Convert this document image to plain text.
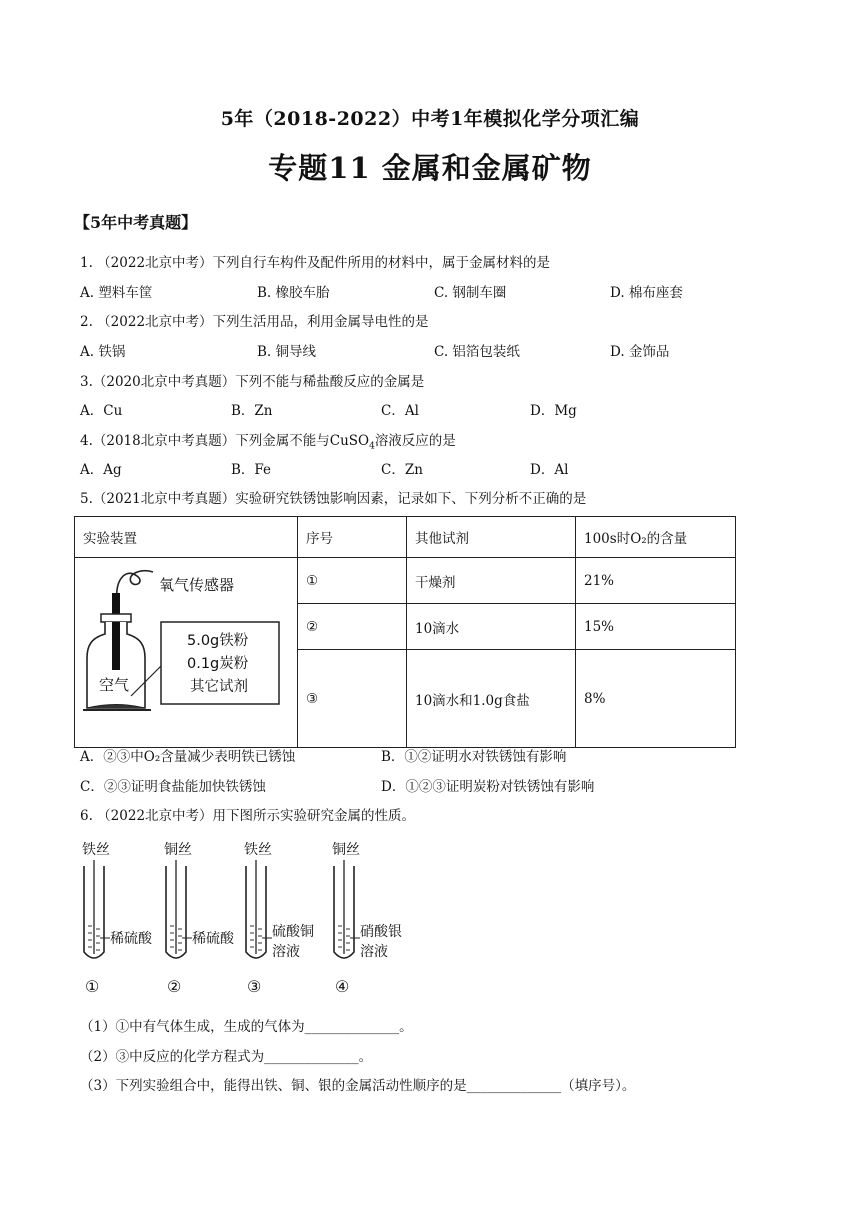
5年（2018-2022）中考1年模拟化学分项汇编
专题11 金属和金属矿物
【5年中考真题】
1. （2022北京中考）下列自行车构件及配件所用的材料中，属于金属材料的是
A. 塑料车筐	B. 橡胶车胎	C. 钢制车圈	D. 棉布座套
2. （2022北京中考）下列生活用品，利用金属导电性的是
A. 铁锅	B. 铜导线	C. 铝箔包装纸	D. 金饰品
3.（2020北京中考真题）下列不能与稀盐酸反应的金属是
A．Cu	B．Zn	C．Al	D．Mg
4.（2018北京中考真题）下列金属不能与CuSO$_4$溶液反应的是
A．Ag	B．Fe	C．Zn	D．Al
5.（2021北京中考真题）实验研究铁锈蚀影响因素，记录如下、下列分析不正确的是
实验装置	序号	其他试剂	100s时O₂的含量

氧气传感器
空气
5.0g铁粉
0.1g炭粉
其它试剂	①	干燥剂	21%
	②	10滴水	15%
	③	10滴水和1.0g食盐	8%
A．②③中O₂含量减少表明铁已锈蚀	B．①②证明水对铁锈蚀有影响
C．②③证明食盐能加快铁锈蚀	D．①②③证明炭粉对铁锈蚀有影响
6. （2022北京中考）用下图所示实验研究金属的性质。
铁丝
稀硫酸
①
铜丝
稀硫酸
②
铁丝
硫酸铜
溶液
③
铜丝
硝酸银
溶液
④
（1）①中有气体生成，生成的气体为______________。
（2）③中反应的化学方程式为______________。
（3）下列实验组合中，能得出铁、铜、银的金属活动性顺序的是______________（填序号）。
